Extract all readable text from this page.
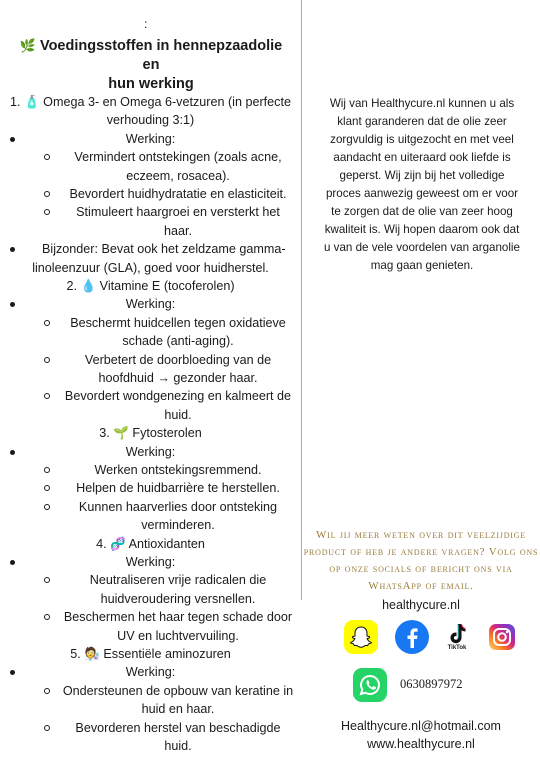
:
🌿 Voedingsstoffen in hennepzaadolie en
hun werking
1. 🧴 Omega 3- en Omega 6-vetzuren (in perfecte
verhouding 3:1)
Werking:
Vermindert ontstekingen (zoals acne,
eczeem, rosacea).
Bevordert huidhydratatie en elasticiteit.
Stimuleert haargroei en versterkt het
haar.
Bijzonder: Bevat ook het zeldzame gamma-
linoleenzuur (GLA), goed voor huidherstel.
2. 💧 Vitamine E (tocoferolen)
Werking:
Beschermt huidcellen tegen oxidatieve
schade (anti-aging).
Verbetert de doorbloeding van de
hoofdhuid → gezonder haar.
Bevordert wondgenezing en kalmeert de
huid.
3. 🌱 Fytosterolen
Werking:
Werken ontstekingsremmend.
Helpen de huidbarrière te herstellen.
Kunnen haarverlies door ontsteking
verminderen.
4. 🧬 Antioxidanten
Werking:
Neutraliseren vrije radicalen die
huidveroudering versnellen.
Beschermen het haar tegen schade door
UV en luchtvervuiling.
5. 🧑‍🔬 Essentiële aminozuren
Werking:
Ondersteunen de opbouw van keratine in
huid en haar.
Bevorderen herstel van beschadigde
huid.
Wij van Healthycure.nl kunnen u als klant garanderen dat de olie zeer zorgvuldig is uitgezocht en met veel aandacht en uiteraard ook liefde is geperst. Wij zijn bij het volledige proces aanwezig geweest om er voor te zorgen dat de olie van zeer hoog kwaliteit is. Wij hopen daarom ook dat u van de vele voordelen van arganolie mag gaan genieten.
Wil jij meer weten over dit veelzijdige product of heb je andere vragen? Volg ons op onze socials of bericht ons via WhatsApp of email.
healthycure.nl
TikTok
0630897972
Healthycure.nl@hotmail.com
www.healthycure.nl
